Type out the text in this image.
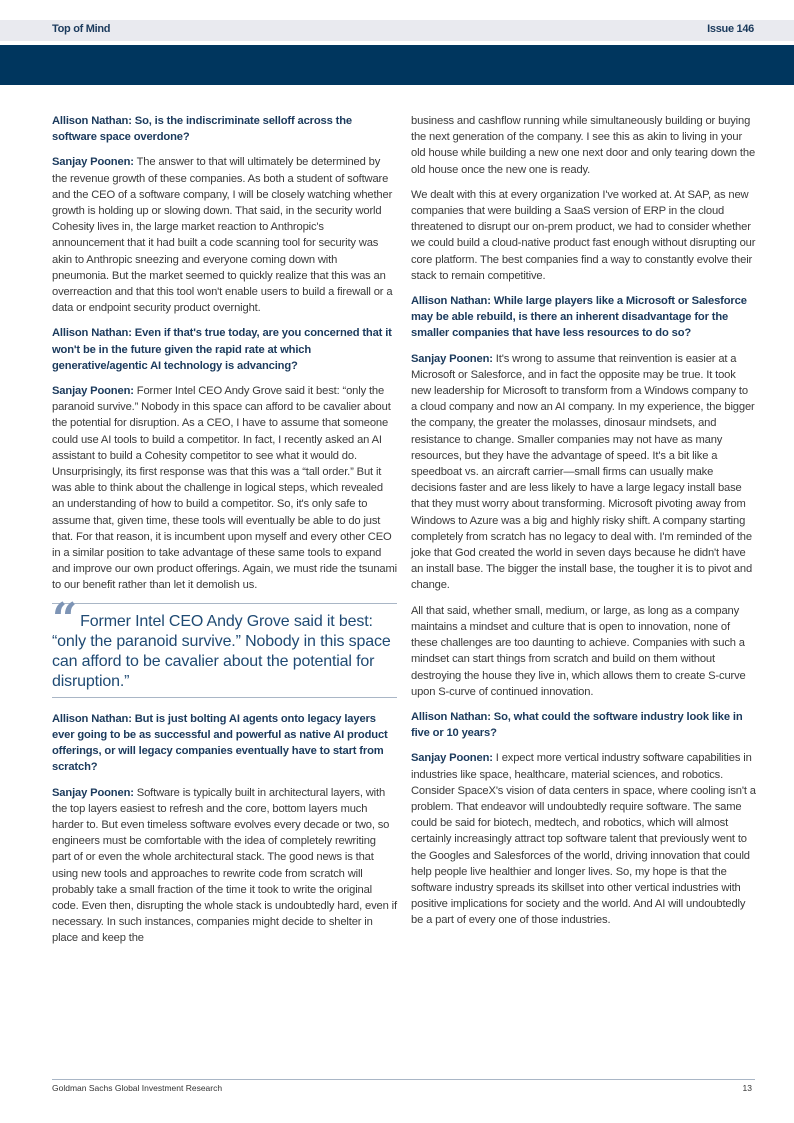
Top of Mind	Issue 146

Allison Nathan: So, is the indiscriminate selloff across the software space overdone?

Sanjay Poonen: The answer to that will ultimately be determined by the revenue growth of these companies. As both a student of software and the CEO of a software company, I will be closely watching whether growth is holding up or slowing down. That said, in the security world Cohesity lives in, the large market reaction to Anthropic's announcement that it had built a code scanning tool for security was akin to Anthropic sneezing and everyone coming down with pneumonia. But the market seemed to quickly realize that this was an overreaction and that this tool won't enable users to build a firewall or a data or endpoint security product overnight.

Allison Nathan: Even if that's true today, are you concerned that it won't be in the future given the rapid rate at which generative/agentic AI technology is advancing?

Sanjay Poonen: Former Intel CEO Andy Grove said it best: “only the paranoid survive.” Nobody in this space can afford to be cavalier about the potential for disruption. As a CEO, I have to assume that someone could use AI tools to build a competitor. In fact, I recently asked an AI assistant to build a Cohesity competitor to see what it would do. Unsurprisingly, its first response was that this was a “tall order.” But it was able to think about the challenge in logical steps, which revealed an understanding of how to build a competitor. So, it's only safe to assume that, given time, these tools will eventually be able to do just that. For that reason, it is incumbent upon myself and every other CEO in a similar position to take advantage of these same tools to expand and improve our own product offerings. Again, we must ride the tsunami to our benefit rather than let it demolish us.

“ Former Intel CEO Andy Grove said it best: “only the paranoid survive.” Nobody in this space can afford to be cavalier about the potential for disruption.”

Allison Nathan: But is just bolting AI agents onto legacy layers ever going to be as successful and powerful as native AI product offerings, or will legacy companies eventually have to start from scratch?

Sanjay Poonen: Software is typically built in architectural layers, with the top layers easiest to refresh and the core, bottom layers much harder to. But even timeless software evolves every decade or two, so engineers must be comfortable with the idea of completely rewriting part of or even the whole architectural stack. The good news is that using new tools and approaches to rewrite code from scratch will probably take a small fraction of the time it took to write the original code. Even then, disrupting the whole stack is undoubtedly hard, even if necessary. In such instances, companies might decide to shelter in place and keep the

business and cashflow running while simultaneously building or buying the next generation of the company. I see this as akin to living in your old house while building a new one next door and only tearing down the old house once the new one is ready.

We dealt with this at every organization I've worked at. At SAP, as new companies that were building a SaaS version of ERP in the cloud threatened to disrupt our on-prem product, we had to consider whether we could build a cloud-native product fast enough without disrupting our core platform. The best companies find a way to constantly evolve their stack to remain competitive.

Allison Nathan: While large players like a Microsoft or Salesforce may be able rebuild, is there an inherent disadvantage for the smaller companies that have less resources to do so?

Sanjay Poonen: It's wrong to assume that reinvention is easier at a Microsoft or Salesforce, and in fact the opposite may be true. It took new leadership for Microsoft to transform from a Windows company to a cloud company and now an AI company. In my experience, the bigger the company, the greater the molasses, dinosaur mindsets, and resistance to change. Smaller companies may not have as many resources, but they have the advantage of speed. It's a bit like a speedboat vs. an aircraft carrier—small firms can usually make decisions faster and are less likely to have a large legacy install base that they must worry about transforming. Microsoft pivoting away from Windows to Azure was a big and highly risky shift. A company starting completely from scratch has no legacy to deal with. I'm reminded of the joke that God created the world in seven days because he didn't have an install base. The bigger the install base, the tougher it is to pivot and change.

All that said, whether small, medium, or large, as long as a company maintains a mindset and culture that is open to innovation, none of these challenges are too daunting to achieve. Companies with such a mindset can start things from scratch and build on them without destroying the house they live in, which allows them to create S-curve upon S-curve of continued innovation.

Allison Nathan: So, what could the software industry look like in five or 10 years?

Sanjay Poonen: I expect more vertical industry software capabilities in industries like space, healthcare, material sciences, and robotics. Consider SpaceX's vision of data centers in space, where cooling isn't a problem. That endeavor will undoubtedly require software. The same could be said for biotech, medtech, and robotics, which will almost certainly increasingly attract top software talent that previously went to the Googles and Salesforces of the world, driving innovation that could help people live healthier and longer lives. So, my hope is that the software industry spreads its skillset into other vertical industries with positive implications for society and the world. And AI will undoubtedly be a part of every one of those industries.

Goldman Sachs Global Investment Research	13
